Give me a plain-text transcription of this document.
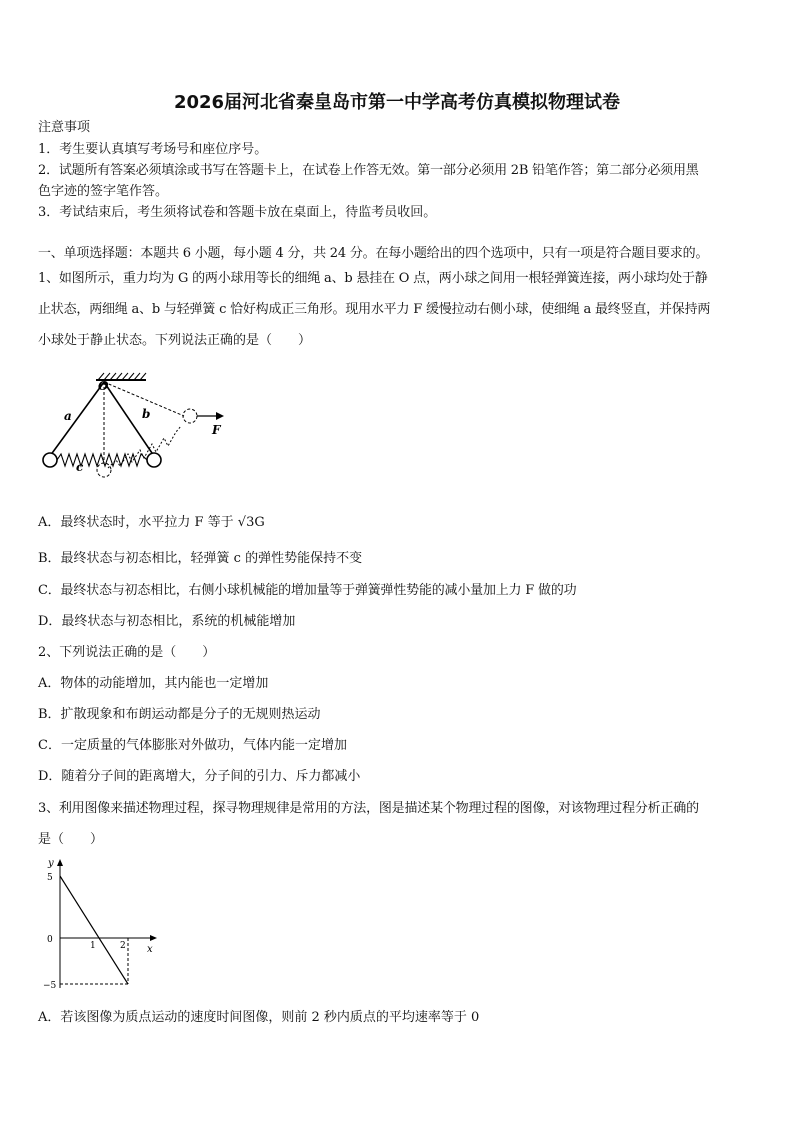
2026届河北省秦皇岛市第一中学高考仿真模拟物理试卷
注意事项
1．考生要认真填写考场号和座位序号。
2．试题所有答案必须填涂或书写在答题卡上，在试卷上作答无效。第一部分必须用 2B 铅笔作答；第二部分必须用黑
色字迹的签字笔作答。
3．考试结束后，考生须将试卷和答题卡放在桌面上，待监考员收回。
一、单项选择题：本题共 6 小题，每小题 4 分，共 24 分。在每小题给出的四个选项中，只有一项是符合题目要求的。
1、如图所示，重力均为 G 的两小球用等长的细绳 a、b 悬挂在 O 点，两小球之间用一根轻弹簧连接，两小球均处于静
止状态，两细绳 a、b 与轻弹簧 c 恰好构成正三角形。现用水平力 F 缓慢拉动右侧小球，使细绳 a 最终竖直，并保持两
小球处于静止状态。下列说法正确的是（　　）
O
a	b
c
F
A．最终状态时，水平拉力 F 等于 √3G
B．最终状态与初态相比，轻弹簧 c 的弹性势能保持不变
C．最终状态与初态相比，右侧小球机械能的增加量等于弹簧弹性势能的减小量加上力 F 做的功
D．最终状态与初态相比，系统的机械能增加
2、下列说法正确的是（　　）
A．物体的动能增加，其内能也一定增加
B．扩散现象和布朗运动都是分子的无规则热运动
C．一定质量的气体膨胀对外做功，气体内能一定增加
D．随着分子间的距离增大，分子间的引力、斥力都减小
3、利用图像来描述物理过程，探寻物理规律是常用的方法，图是描述某个物理过程的图像，对该物理过程分析正确的
是（　　）
y
x
5
0
−5
1	2
A．若该图像为质点运动的速度时间图像，则前 2 秒内质点的平均速率等于 0
